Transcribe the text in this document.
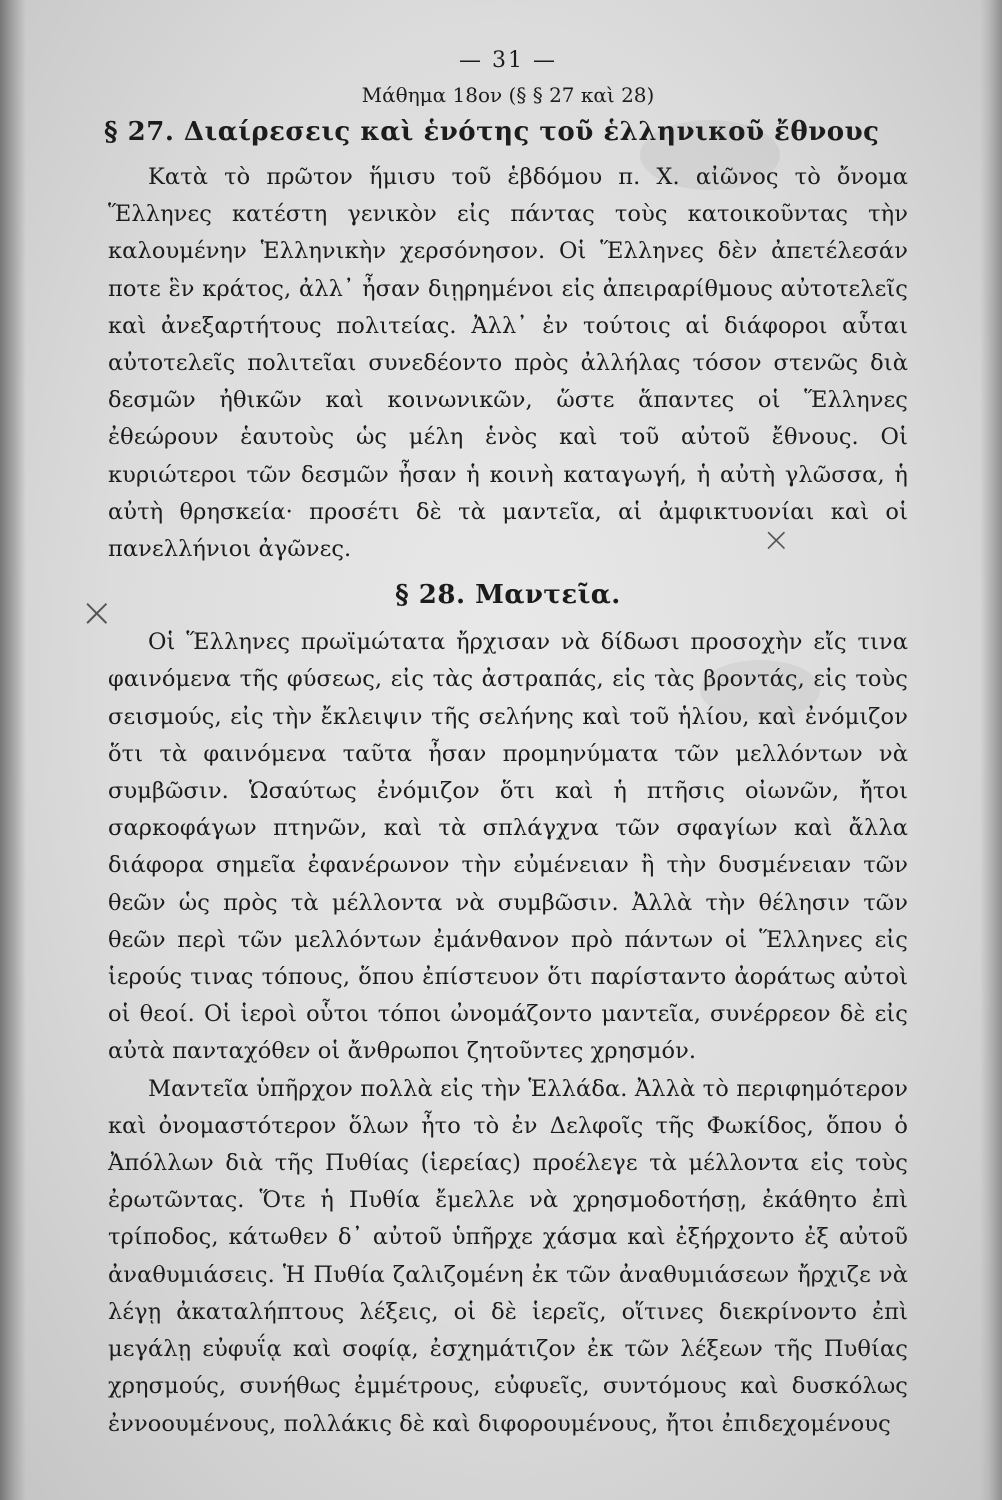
— 31 —
Μάθημα 18ον (§ § 27 καὶ 28)
§ 27. Διαίρεσεις καὶ ἑνότης τοῦ ἑλληνικοῦ ἔθνους

Κατὰ τὸ πρῶτον ἥμισυ τοῦ ἑβδόμου π. Χ. αἰῶνος τὸ ὄνομα Ἕλληνες κατέστη γενικὸν εἰς πάντας τοὺς κατοικοῦντας τὴν καλουμένην Ἑλληνικὴν χερσόνησον. Οἱ Ἕλληνες δὲν ἀπετέλεσάν ποτε ἓν κράτος, ἀλλ᾽ ἦσαν διῃρημένοι εἰς ἀπειραρίθμους αὐτοτελεῖς καὶ ἀνεξαρτήτους πολιτείας. Ἀλλ᾽ ἐν τούτοις αἱ διάφοροι αὗται αὐτοτελεῖς πολιτεῖαι συνεδέοντο πρὸς ἀλλήλας τόσον στενῶς διὰ δεσμῶν ἠθικῶν καὶ κοινωνικῶν, ὥστε ἅπαντες οἱ Ἕλληνες ἐθεώρουν ἑαυτοὺς ὡς μέλη ἑνὸς καὶ τοῦ αὐτοῦ ἔθνους. Οἱ κυριώτεροι τῶν δεσμῶν ἦσαν ἡ κοινὴ καταγωγή, ἡ αὐτὴ γλῶσσα, ἡ αὐτὴ θρησκεία· προσέτι δὲ τὰ μαντεῖα, αἱ ἀμφικτυονίαι καὶ οἱ πανελλήνιοι ἀγῶνες.

§ 28. Μαντεῖα.

Οἱ Ἕλληνες πρωϊμώτατα ἤρχισαν νὰ δίδωσι προσοχὴν εἴς τινα φαινόμενα τῆς φύσεως, εἰς τὰς ἀστραπάς, εἰς τὰς βροντάς, εἰς τοὺς σεισμούς, εἰς τὴν ἔκλειψιν τῆς σελήνης καὶ τοῦ ἡλίου, καὶ ἐνόμιζον ὅτι τὰ φαινόμενα ταῦτα ἦσαν προμηνύματα τῶν μελλόντων νὰ συμβῶσιν. Ὡσαύτως ἐνόμιζον ὅτι καὶ ἡ πτῆσις οἰωνῶν, ἤτοι σαρκοφάγων πτηνῶν, καὶ τὰ σπλάγχνα τῶν σφαγίων καὶ ἄλλα διάφορα σημεῖα ἐφανέρωνον τὴν εὐμένειαν ἢ τὴν δυσμένειαν τῶν θεῶν ὡς πρὸς τὰ μέλλοντα νὰ συμβῶσιν. Ἀλλὰ τὴν θέλησιν τῶν θεῶν περὶ τῶν μελλόντων ἐμάνθανον πρὸ πάντων οἱ Ἕλληνες εἰς ἱερούς τινας τόπους, ὅπου ἐπίστευον ὅτι παρίσταντο ἀοράτως αὐτοὶ οἱ θεοί. Οἱ ἱεροὶ οὗτοι τόποι ὠνομάζοντο μαντεῖα, συνέρρεον δὲ εἰς αὐτὰ πανταχόθεν οἱ ἄνθρωποι ζητοῦντες χρησμόν.

Μαντεῖα ὑπῆρχον πολλὰ εἰς τὴν Ἑλλάδα. Ἀλλὰ τὸ περιφημότερον καὶ ὀνομαστότερον ὅλων ἦτο τὸ ἐν Δελφοῖς τῆς Φωκίδος, ὅπου ὁ Ἀπόλλων διὰ τῆς Πυθίας (ἱερείας) προέλεγε τὰ μέλλοντα εἰς τοὺς ἐρωτῶντας. Ὅτε ἡ Πυθία ἔμελλε νὰ χρησμοδοτήσῃ, ἐκάθητο ἐπὶ τρίποδος, κάτωθεν δ᾽ αὐτοῦ ὑπῆρχε χάσμα καὶ ἐξήρχοντο ἐξ αὐτοῦ ἀναθυμιάσεις. Ἡ Πυθία ζαλιζομένη ἐκ τῶν ἀναθυμιάσεων ἤρχιζε νὰ λέγῃ ἀκαταλήπτους λέξεις, οἱ δὲ ἱερεῖς, οἵτινες διεκρίνοντο ἐπὶ μεγάλῃ εὐφυΐᾳ καὶ σοφίᾳ, ἐσχημάτιζον ἐκ τῶν λέξεων τῆς Πυθίας χρησμούς, συνήθως ἐμμέτρους, εὐφυεῖς, συντόμους καὶ δυσκόλως ἐννοουμένους, πολλάκις δὲ καὶ διφορουμένους, ἤτοι ἐπιδεχομένους

×
×
